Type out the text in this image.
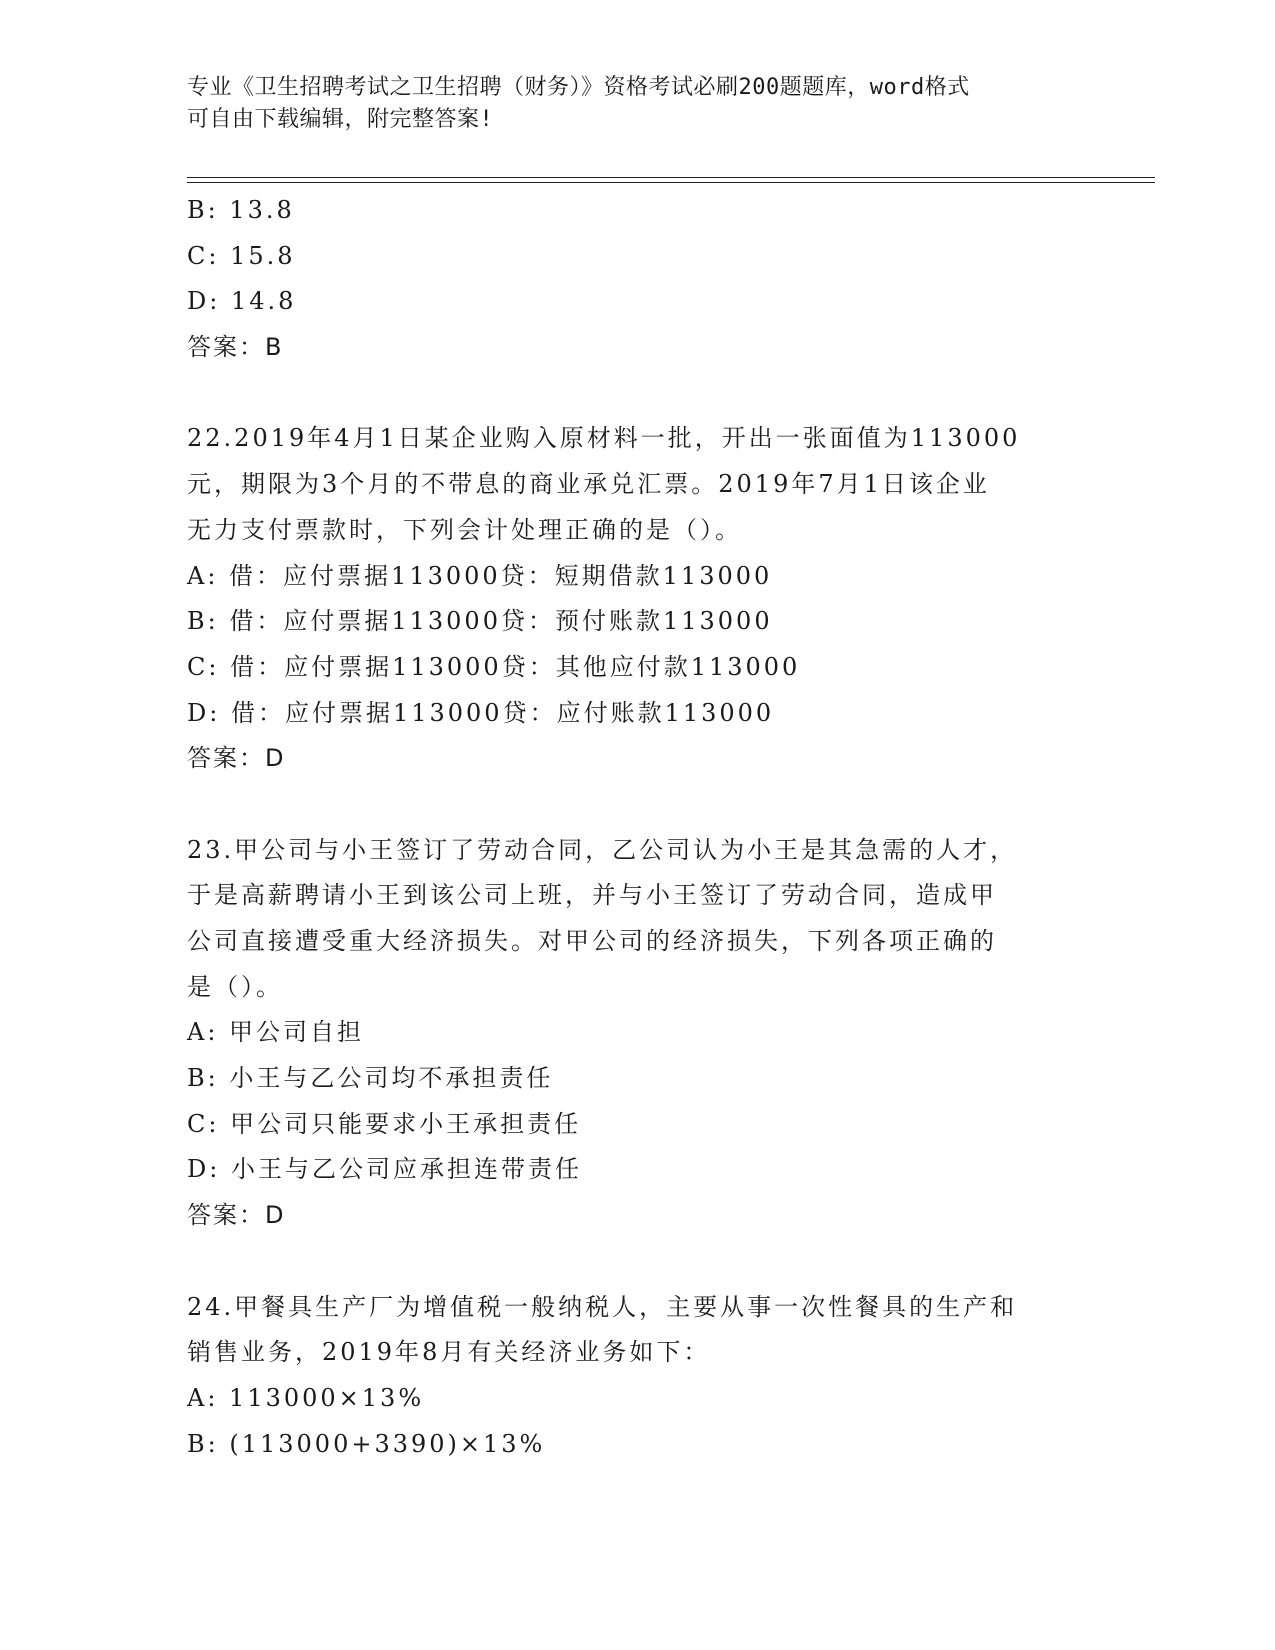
专业《卫生招聘考试之卫生招聘（财务）》资格考试必刷200题题库，word格式
可自由下载编辑，附完整答案!
B: 13.8
C: 15.8
D: 14.8
答案：B
22.2019年4月1日某企业购入原材料一批，开出一张面值为113000
元，期限为3个月的不带息的商业承兑汇票。2019年7月1日该企业
无力支付票款时，下列会计处理正确的是（）。
A: 借：应付票据113000贷：短期借款113000
B: 借：应付票据113000贷：预付账款113000
C: 借：应付票据113000贷：其他应付款113000
D: 借：应付票据113000贷：应付账款113000
答案：D
23.甲公司与小王签订了劳动合同，乙公司认为小王是其急需的人才，
于是高薪聘请小王到该公司上班，并与小王签订了劳动合同，造成甲
公司直接遭受重大经济损失。对甲公司的经济损失，下列各项正确的
是（）。
A: 甲公司自担
B: 小王与乙公司均不承担责任
C: 甲公司只能要求小王承担责任
D: 小王与乙公司应承担连带责任
答案：D
24.甲餐具生产厂为增值税一般纳税人，主要从事一次性餐具的生产和
销售业务，2019年8月有关经济业务如下：
A: 113000×13%
B: (113000+3390)×13%
